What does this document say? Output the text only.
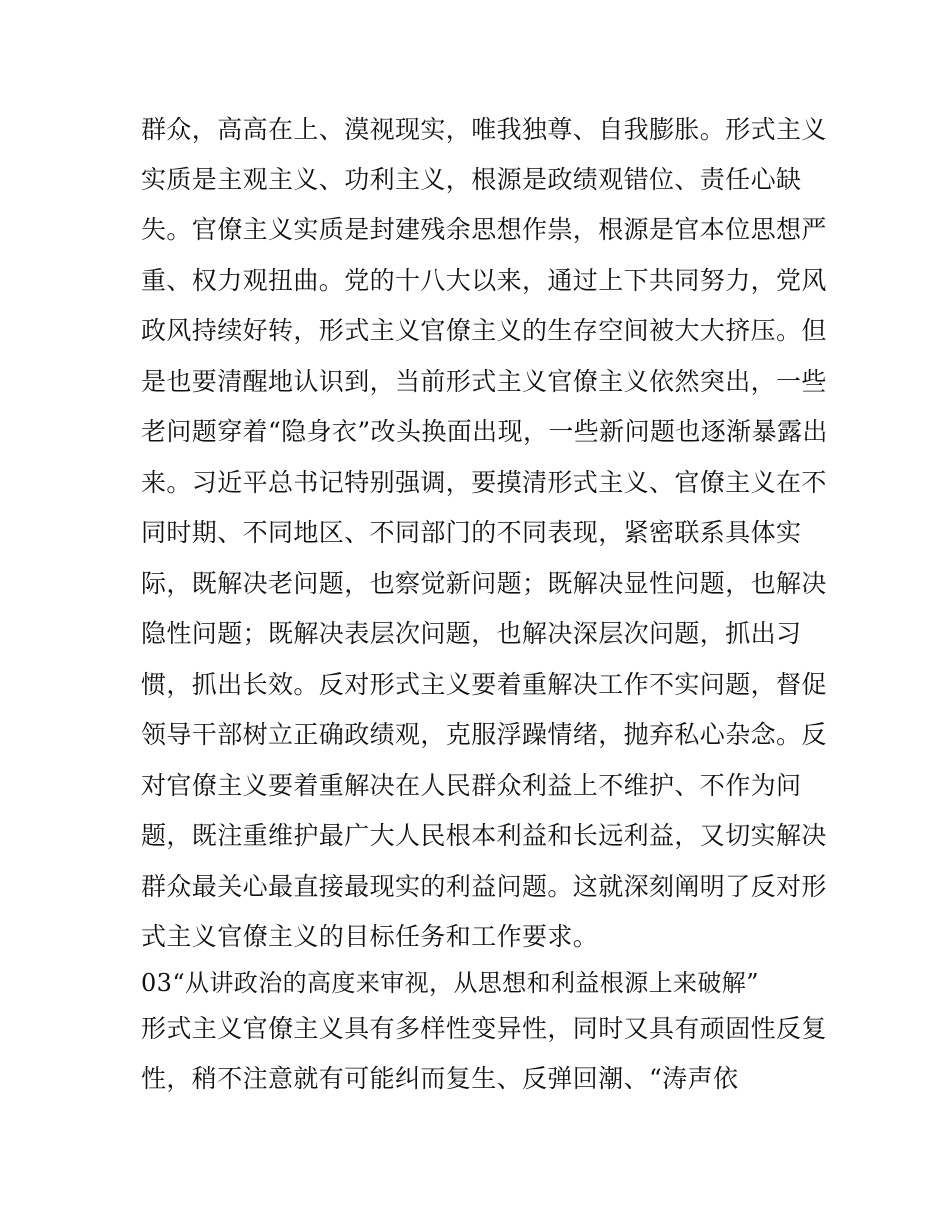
群众，高高在上、漠视现实，唯我独尊、自我膨胀。形式主义
实质是主观主义、功利主义，根源是政绩观错位、责任心缺
失。官僚主义实质是封建残余思想作祟，根源是官本位思想严
重、权力观扭曲。党的十八大以来，通过上下共同努力，党风
政风持续好转，形式主义官僚主义的生存空间被大大挤压。但
是也要清醒地认识到，当前形式主义官僚主义依然突出，一些
老问题穿着“隐身衣”改头换面出现，一些新问题也逐渐暴露出
来。习近平总书记特别强调，要摸清形式主义、官僚主义在不
同时期、不同地区、不同部门的不同表现，紧密联系具体实
际，既解决老问题，也察觉新问题；既解决显性问题，也解决
隐性问题；既解决表层次问题，也解决深层次问题，抓出习
惯，抓出长效。反对形式主义要着重解决工作不实问题，督促
领导干部树立正确政绩观，克服浮躁情绪，抛弃私心杂念。反
对官僚主义要着重解决在人民群众利益上不维护、不作为问
题，既注重维护最广大人民根本利益和长远利益，又切实解决
群众最关心最直接最现实的利益问题。这就深刻阐明了反对形
式主义官僚主义的目标任务和工作要求。
03“从讲政治的高度来审视，从思想和利益根源上来破解”
形式主义官僚主义具有多样性变异性，同时又具有顽固性反复
性，稍不注意就有可能纠而复生、反弹回潮、“涛声依
